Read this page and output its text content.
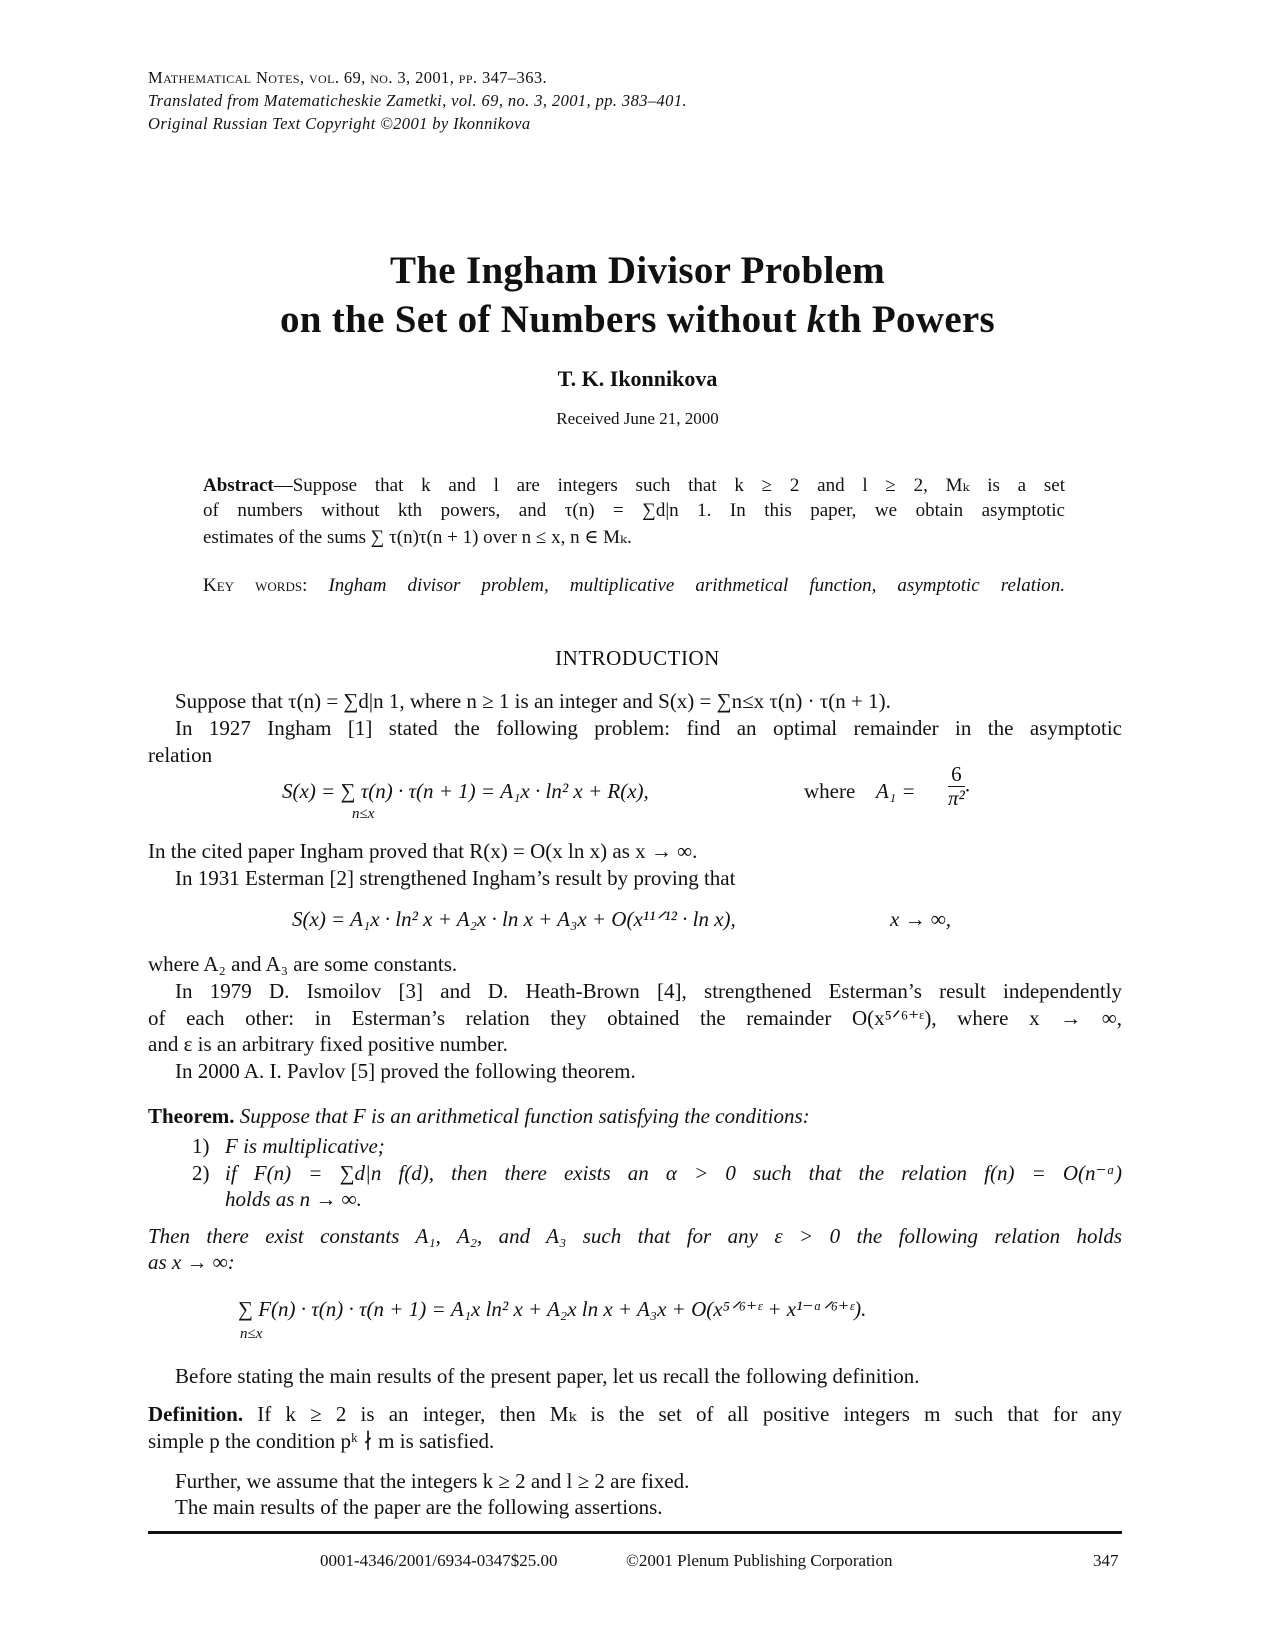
Mathematical Notes, vol. 69, no. 3, 2001, pp. 347–363.
Translated from Matematicheskie Zametki, vol. 69, no. 3, 2001, pp. 383–401.
Original Russian Text Copyright ©2001 by Ikonnikova
The Ingham Divisor Problem
on the Set of Numbers without kth Powers
T. K. Ikonnikova
Received June 21, 2000
Abstract—Suppose that k and l are integers such that k ≥ 2 and l ≥ 2, Mₖ is a set
of numbers without kth powers, and τ(n) = ∑d|n 1. In this paper, we obtain asymptotic
estimates of the sums ∑ τ(n)τ(n + 1) over n ≤ x, n ∈ Mₖ.
Key words: Ingham divisor problem, multiplicative arithmetical function, asymptotic relation.
INTRODUCTION
Suppose that τ(n) = ∑d|n 1, where n ≥ 1 is an integer and S(x) = ∑n≤x τ(n) · τ(n + 1).
In 1927 Ingham [1] stated the following problem: find an optimal remainder in the asymptotic
relation
S(x) = ∑ τ(n) · τ(n + 1) = A₁x · ln² x + R(x),
n≤x
where $A_1 = \frac{6}{\text{π²}}$ .
In the cited paper Ingham proved that R(x) = O(x ln x) as x → ∞.
In 1931 Esterman [2] strengthened Ingham’s result by proving that
S(x) = A₁x · ln² x + A₂x · ln x + A₃x + O(x¹¹ᐟ¹² · ln x),	x → ∞,
where A₂ and A₃ are some constants.
In 1979 D. Ismoilov [3] and D. Heath-Brown [4], strengthened Esterman’s result independently
of each other: in Esterman’s relation they obtained the remainder O(x⁵ᐟ⁶⁺ᵋ), where x → ∞,
and ε is an arbitrary fixed positive number.
In 2000 A. I. Pavlov [5] proved the following theorem.
Theorem. Suppose that F is an arithmetical function satisfying the conditions:
1) F is multiplicative;
2) if F(n) = ∑d|n f(d), then there exists an α > 0 such that the relation f(n) = O(n⁻ᵅ)
holds as n → ∞.
Then there exist constants A₁, A₂, and A₃ such that for any ε > 0 the following relation holds
as x → ∞:
∑ F(n) · τ(n) · τ(n + 1) = A₁x ln² x + A₂x ln x + A₃x + O(x⁵ᐟ⁶⁺ᵋ + x¹⁻ᵅᐟ⁶⁺ᵋ).
n≤x
Before stating the main results of the present paper, let us recall the following definition.
Definition. If k ≥ 2 is an integer, then Mₖ is the set of all positive integers m such that for any
simple p the condition pᵏ ∤ m is satisfied.
Further, we assume that the integers k ≥ 2 and l ≥ 2 are fixed.
The main results of the paper are the following assertions.
0001-4346/2001/6934-0347$25.00	©2001 Plenum Publishing Corporation	347
